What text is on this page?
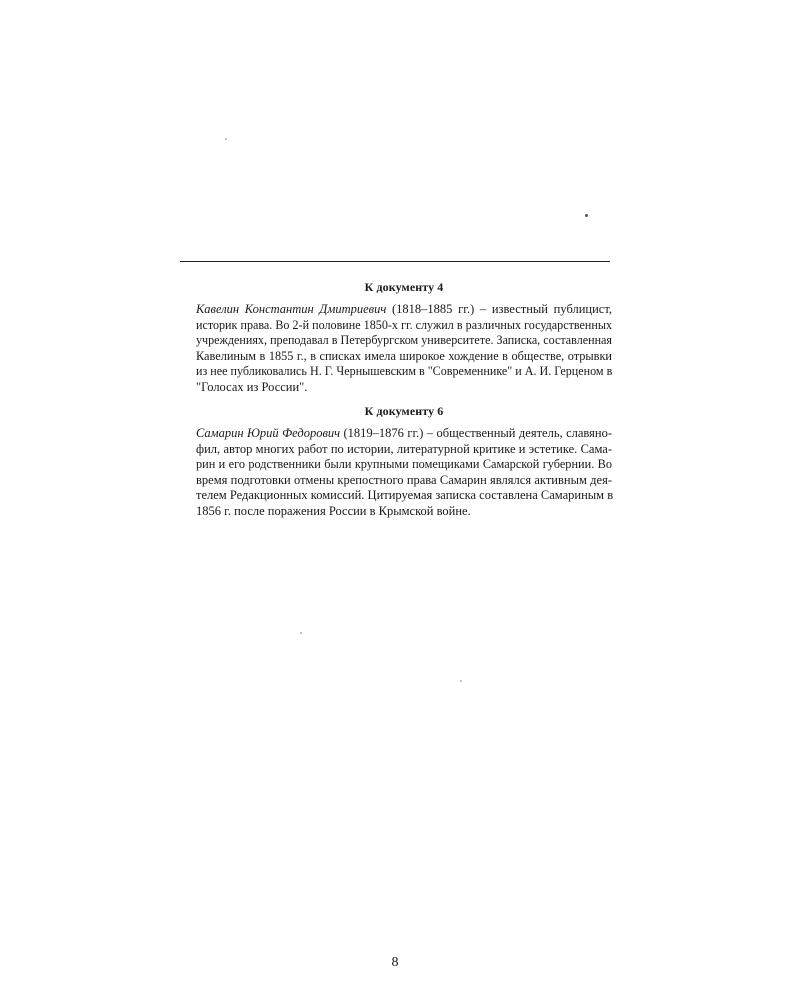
К документу 4
Кавелин Константин Дмитриевич (1818–1885 гг.) – известный публицист,
историк права. Во 2-й половине 1850-х гг. служил в различных государственных
учреждениях, преподавал в Петербургском университете. Записка, составленная
Кавелиным в 1855 г., в списках имела широкое хождение в обществе, отрывки
из нее публиковались Н. Г. Чернышевским в "Современнике" и А. И. Герценом в
"Голосах из России".
К документу 6
Самарин Юрий Федорович (1819–1876 гг.) – общественный деятель, славяно-
фил, автор многих работ по истории, литературной критике и эстетике. Сама-
рин и его родственники были крупными помещиками Самарской губернии. Во
время подготовки отмены крепостного права Самарин являлся активным дея-
телем Редакционных комиссий. Цитируемая записка составлена Самариным в
1856 г. после поражения России в Крымской войне.
8
